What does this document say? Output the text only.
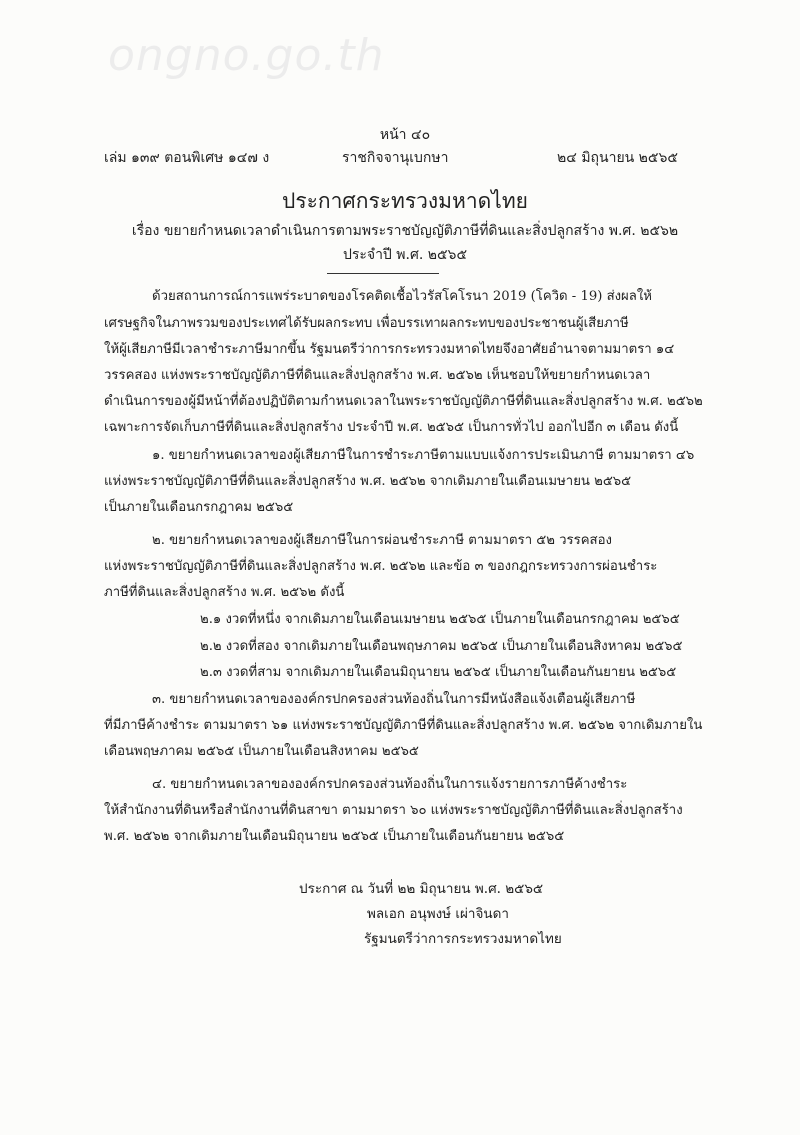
ongno.go.th
หน้า ๔๐
เล่ม ๑๓๙ ตอนพิเศษ ๑๔๗ ง	ราชกิจจานุเบกษา	๒๔ มิถุนายน ๒๕๖๕
ประกาศกระทรวงมหาดไทย
เรื่อง ขยายกำหนดเวลาดำเนินการตามพระราชบัญญัติภาษีที่ดินและสิ่งปลูกสร้าง พ.ศ. ๒๕๖๒
ประจำปี พ.ศ. ๒๕๖๕
ด้วยสถานการณ์การแพร่ระบาดของโรคติดเชื้อไวรัสโคโรนา 2019 (โควิด - 19) ส่งผลให้
เศรษฐกิจในภาพรวมของประเทศได้รับผลกระทบ เพื่อบรรเทาผลกระทบของประชาชนผู้เสียภาษี
ให้ผู้เสียภาษีมีเวลาชำระภาษีมากขึ้น รัฐมนตรีว่าการกระทรวงมหาดไทยจึงอาศัยอำนาจตามมาตรา ๑๔
วรรคสอง แห่งพระราชบัญญัติภาษีที่ดินและสิ่งปลูกสร้าง พ.ศ. ๒๕๖๒ เห็นชอบให้ขยายกำหนดเวลา
ดำเนินการของผู้มีหน้าที่ต้องปฏิบัติตามกำหนดเวลาในพระราชบัญญัติภาษีที่ดินและสิ่งปลูกสร้าง พ.ศ. ๒๕๖๒
เฉพาะการจัดเก็บภาษีที่ดินและสิ่งปลูกสร้าง ประจำปี พ.ศ. ๒๕๖๕ เป็นการทั่วไป ออกไปอีก ๓ เดือน ดังนี้
๑. ขยายกำหนดเวลาของผู้เสียภาษีในการชำระภาษีตามแบบแจ้งการประเมินภาษี ตามมาตรา ๔๖
แห่งพระราชบัญญัติภาษีที่ดินและสิ่งปลูกสร้าง พ.ศ. ๒๕๖๒ จากเดิมภายในเดือนเมษายน ๒๕๖๕
เป็นภายในเดือนกรกฎาคม ๒๕๖๕
๒. ขยายกำหนดเวลาของผู้เสียภาษีในการผ่อนชำระภาษี ตามมาตรา ๕๒ วรรคสอง
แห่งพระราชบัญญัติภาษีที่ดินและสิ่งปลูกสร้าง พ.ศ. ๒๕๖๒ และข้อ ๓ ของกฎกระทรวงการผ่อนชำระ
ภาษีที่ดินและสิ่งปลูกสร้าง พ.ศ. ๒๕๖๒ ดังนี้
๒.๑ งวดที่หนึ่ง จากเดิมภายในเดือนเมษายน ๒๕๖๕ เป็นภายในเดือนกรกฎาคม ๒๕๖๕
๒.๒ งวดที่สอง จากเดิมภายในเดือนพฤษภาคม ๒๕๖๕ เป็นภายในเดือนสิงหาคม ๒๕๖๕
๒.๓ งวดที่สาม จากเดิมภายในเดือนมิถุนายน ๒๕๖๕ เป็นภายในเดือนกันยายน ๒๕๖๕
๓. ขยายกำหนดเวลาขององค์กรปกครองส่วนท้องถิ่นในการมีหนังสือแจ้งเตือนผู้เสียภาษี
ที่มีภาษีค้างชำระ ตามมาตรา ๖๑ แห่งพระราชบัญญัติภาษีที่ดินและสิ่งปลูกสร้าง พ.ศ. ๒๕๖๒ จากเดิมภายใน
เดือนพฤษภาคม ๒๕๖๕ เป็นภายในเดือนสิงหาคม ๒๕๖๕
๔. ขยายกำหนดเวลาขององค์กรปกครองส่วนท้องถิ่นในการแจ้งรายการภาษีค้างชำระ
ให้สำนักงานที่ดินหรือสำนักงานที่ดินสาขา ตามมาตรา ๖๐ แห่งพระราชบัญญัติภาษีที่ดินและสิ่งปลูกสร้าง
พ.ศ. ๒๕๖๒ จากเดิมภายในเดือนมิถุนายน ๒๕๖๕ เป็นภายในเดือนกันยายน ๒๕๖๕
ประกาศ ณ วันที่ ๒๒ มิถุนายน พ.ศ. ๒๕๖๕
พลเอก อนุพงษ์ เผ่าจินดา
รัฐมนตรีว่าการกระทรวงมหาดไทย
